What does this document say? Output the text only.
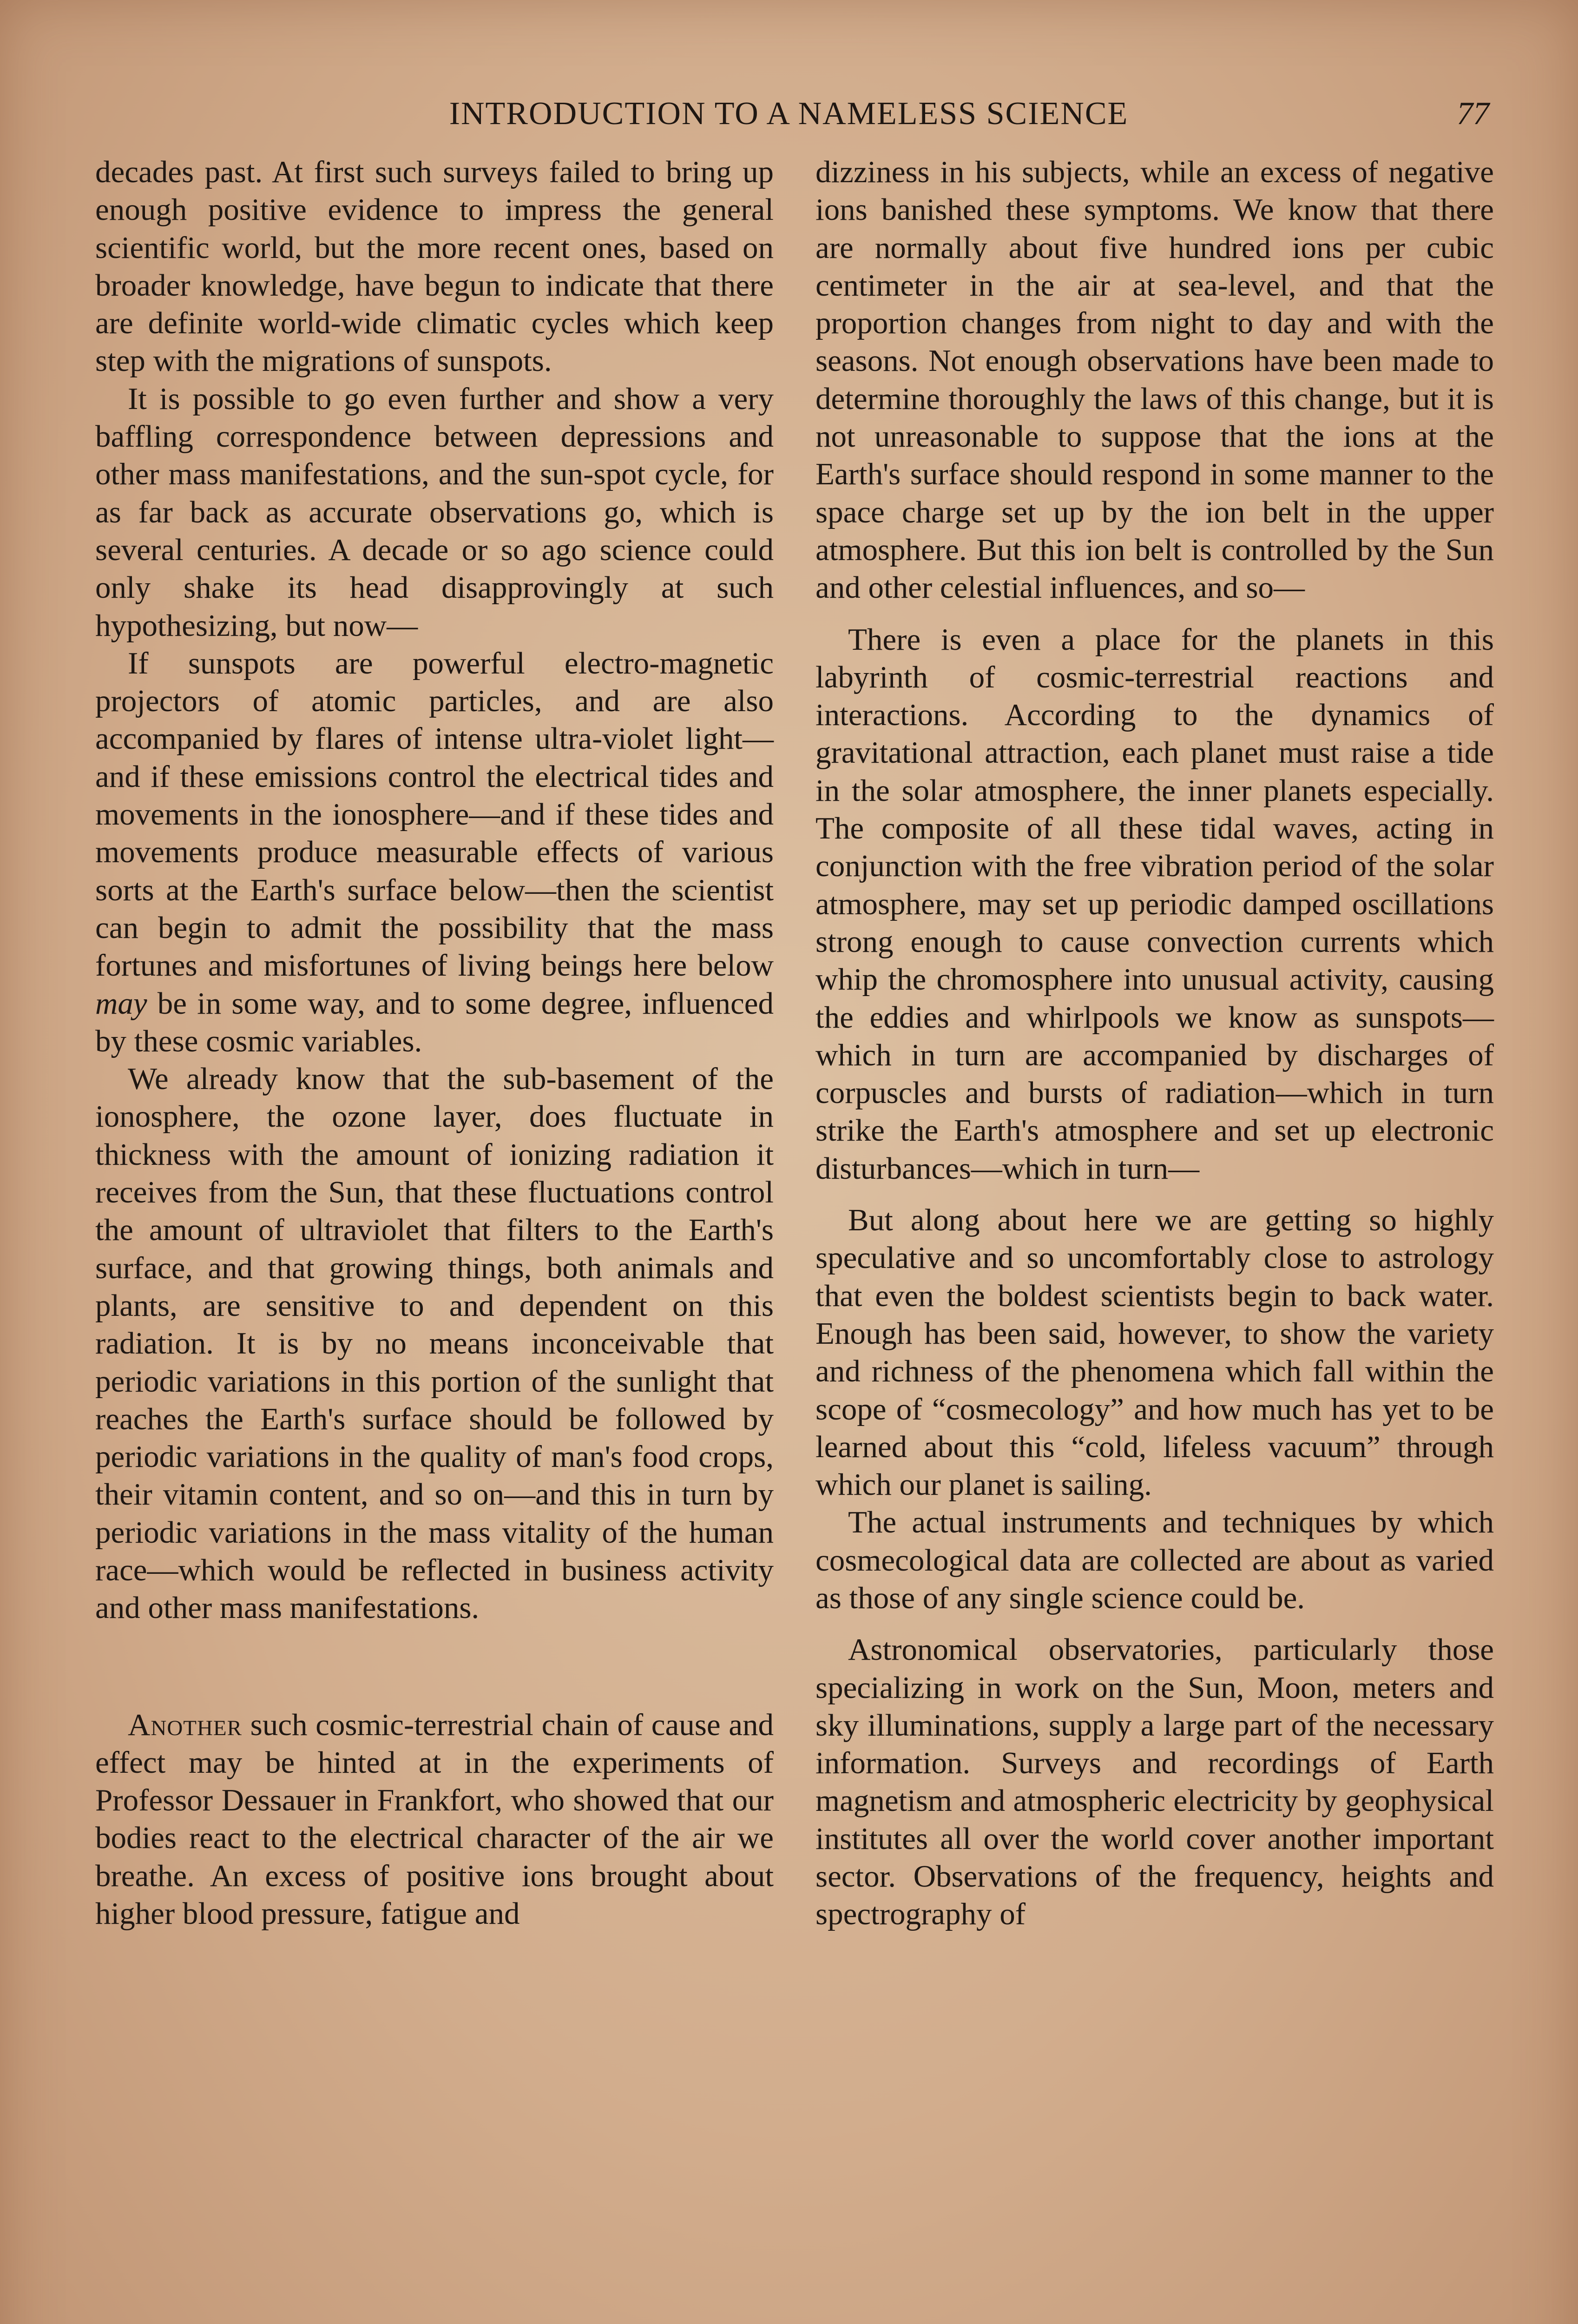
INTRODUCTION TO A NAMELESS SCIENCE	77

decades past. At first such surveys failed to bring up enough positive evidence to impress the general scientific world, but the more recent ones, based on broader knowledge, have begun to indicate that there are definite world-wide climatic cycles which keep step with the migrations of sunspots.

It is possible to go even further and show a very baffling correspondence between depressions and other mass manifestations, and the sun-spot cycle, for as far back as accurate observations go, which is several centuries. A decade or so ago science could only shake its head disapprovingly at such hypothesizing, but now—

If sunspots are powerful electro-magnetic projectors of atomic particles, and are also accompanied by flares of intense ultra-violet light—and if these emissions control the electrical tides and movements in the ionosphere—and if these tides and movements produce measurable effects of various sorts at the Earth's surface below—then the scientist can begin to admit the possibility that the mass fortunes and misfortunes of living beings here below may be in some way, and to some degree, influenced by these cosmic variables.

We already know that the sub-basement of the ionosphere, the ozone layer, does fluctuate in thickness with the amount of ionizing radiation it receives from the Sun, that these fluctuations control the amount of ultraviolet that filters to the Earth's surface, and that growing things, both animals and plants, are sensitive to and dependent on this radiation. It is by no means inconceivable that periodic variations in this portion of the sunlight that reaches the Earth's surface should be followed by periodic variations in the quality of man's food crops, their vitamin content, and so on—and this in turn by periodic variations in the mass vitality of the human race—which would be reflected in business activity and other mass manifestations.

Another such cosmic-terrestrial chain of cause and effect may be hinted at in the experiments of Professor Dessauer in Frankfort, who showed that our bodies react to the electrical character of the air we breathe. An excess of positive ions brought about higher blood pressure, fatigue and

dizziness in his subjects, while an excess of negative ions banished these symptoms. We know that there are normally about five hundred ions per cubic centimeter in the air at sea-level, and that the proportion changes from night to day and with the seasons. Not enough observations have been made to determine thoroughly the laws of this change, but it is not unreasonable to suppose that the ions at the Earth's surface should respond in some manner to the space charge set up by the ion belt in the upper atmosphere. But this ion belt is controlled by the Sun and other celestial influences, and so—

There is even a place for the planets in this labyrinth of cosmic-terrestrial reactions and interactions. According to the dynamics of gravitational attraction, each planet must raise a tide in the solar atmosphere, the inner planets especially. The composite of all these tidal waves, acting in conjunction with the free vibration period of the solar atmosphere, may set up periodic damped oscillations strong enough to cause convection currents which whip the chromosphere into unusual activity, causing the eddies and whirlpools we know as sunspots—which in turn are accompanied by discharges of corpuscles and bursts of radiation—which in turn strike the Earth's atmosphere and set up electronic disturbances—which in turn—

But along about here we are getting so highly speculative and so uncomfortably close to astrology that even the boldest scientists begin to back water. Enough has been said, however, to show the variety and richness of the phenomena which fall within the scope of “cosmecology” and how much has yet to be learned about this “cold, lifeless vacuum” through which our planet is sailing.

The actual instruments and techniques by which cosmecological data are collected are about as varied as those of any single science could be.

Astronomical observatories, particularly those specializing in work on the Sun, Moon, meters and sky illuminations, supply a large part of the necessary information. Surveys and recordings of Earth magnetism and atmospheric electricity by geophysical institutes all over the world cover another important sector. Observations of the frequency, heights and spectrography of
